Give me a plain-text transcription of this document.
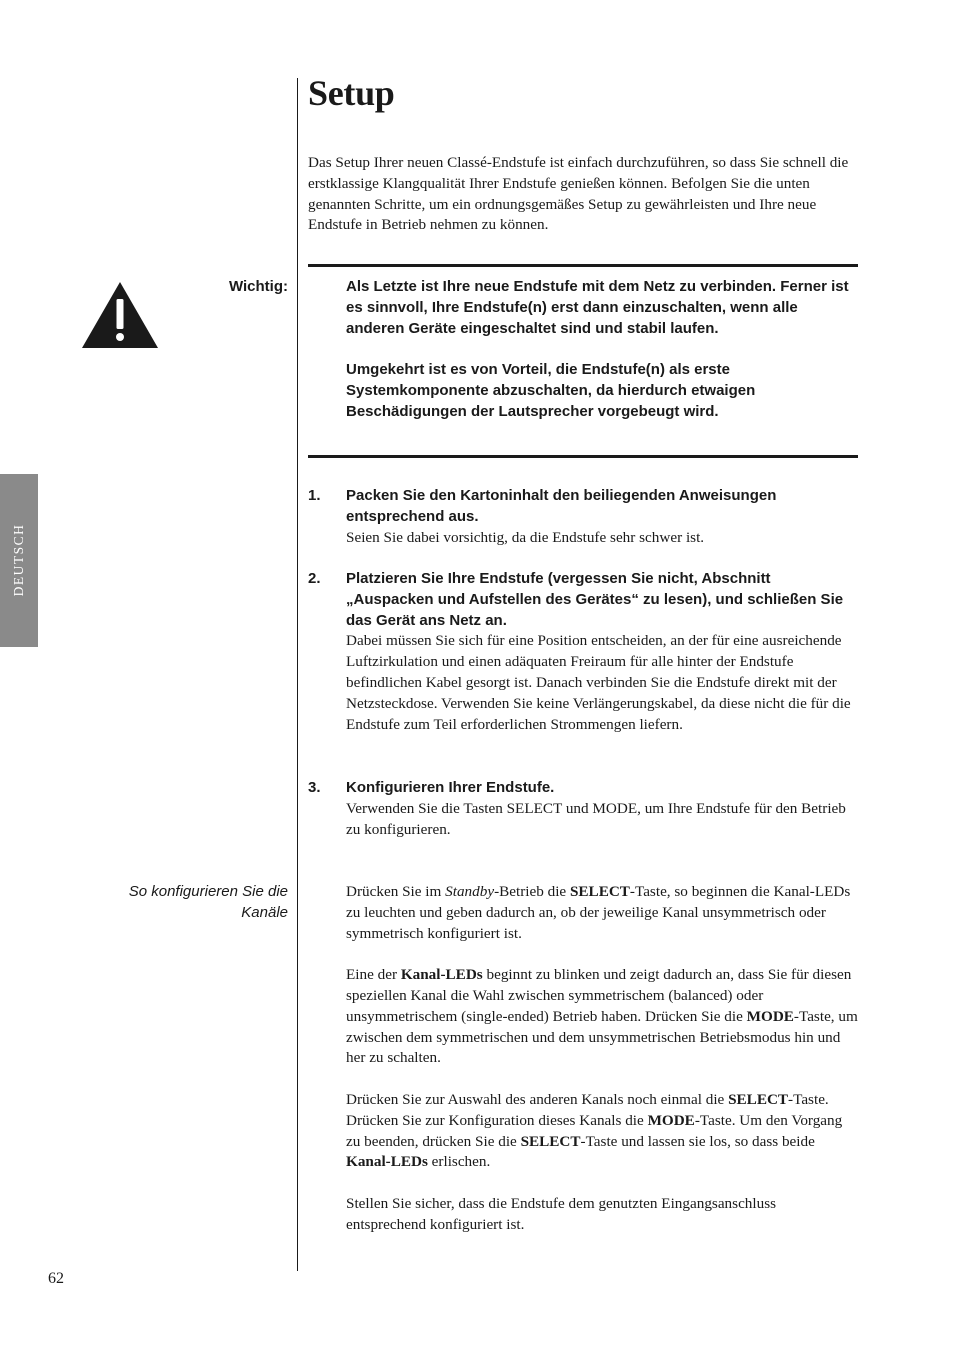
Setup

Das Setup Ihrer neuen Classé-Endstufe ist einfach durchzuführen, so dass Sie schnell die erstklassige Klangqualität Ihrer Endstufe genießen können. Befolgen Sie die unten genannten Schritte, um ein ordnungsgemäßes Setup zu gewährleisten und Ihre neue Endstufe in Betrieb nehmen zu können.

DEUTSCH
Wichtig:	Als Letzte ist Ihre neue Endstufe mit dem Netz zu verbinden. Ferner ist es sinnvoll, Ihre Endstufe(n) erst dann einzuschalten, wenn alle anderen Geräte eingeschaltet sind und stabil laufen.

Umgekehrt ist es von Vorteil, die Endstufe(n) als erste Systemkomponente abzuschalten, da hierdurch etwaigen Beschädigungen der Lautsprecher vorgebeugt wird.

1. Packen Sie den Kartoninhalt den beiliegenden Anweisungen entsprechend aus.

Seien Sie dabei vorsichtig, da die Endstufe sehr schwer ist.

2. Platzieren Sie Ihre Endstufe (vergessen Sie nicht, Abschnitt „Auspacken und Aufstellen des Gerätes“ zu lesen), und schließen Sie das Gerät ans Netz an.

Dabei müssen Sie sich für eine Position entscheiden, an der für eine ausreichende Luftzirkulation und einen adäquaten Freiraum für alle hinter der Endstufe befindlichen Kabel gesorgt ist. Danach verbinden Sie die Endstufe direkt mit der Netzsteckdose. Verwenden Sie keine Verlängerungskabel, da diese nicht die für die Endstufe zum Teil erforderlichen Strommengen liefern.

3. Konfigurieren Ihrer Endstufe.

Verwenden Sie die Tasten SELECT und MODE, um Ihre Endstufe für den Betrieb zu konfigurieren.

So konfigurieren Sie die
Kanäle

Drücken Sie im Standby-Betrieb die SELECT-Taste, so beginnen die Kanal-LEDs zu leuchten und geben dadurch an, ob der jeweilige Kanal unsymmetrisch oder symmetrisch konfiguriert ist.

Eine der Kanal-LEDs beginnt zu blinken und zeigt dadurch an, dass Sie für diesen speziellen Kanal die Wahl zwischen symmetrischem (balanced) oder unsymmetrischem (single-ended) Betrieb haben. Drücken Sie die MODE-Taste, um zwischen dem symmetrischen und dem unsymmetrischen Betriebsmodus hin und her zu schalten.

Drücken Sie zur Auswahl des anderen Kanals noch einmal die SELECT-Taste. Drücken Sie zur Konfiguration dieses Kanals die MODE-Taste. Um den Vorgang zu beenden, drücken Sie die SELECT-Taste und lassen sie los, so dass beide Kanal-LEDs erlischen.

Stellen Sie sicher, dass die Endstufe dem genutzten Eingangsanschluss entsprechend konfiguriert ist.

62
